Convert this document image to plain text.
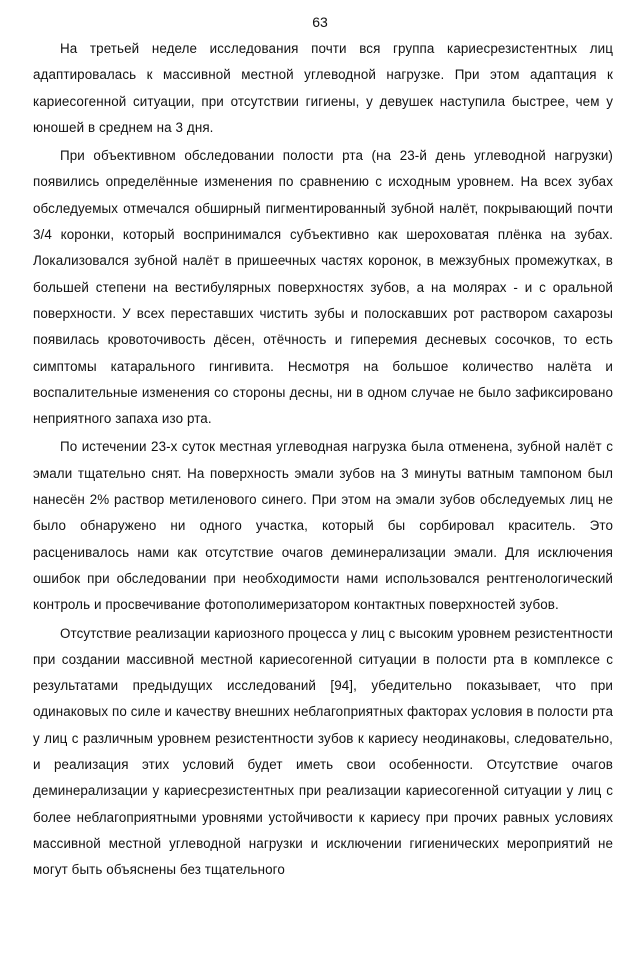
63

На третьей неделе исследования почти вся группа кариесрезистентных лиц адаптировалась к массивной местной углеводной нагрузке. При этом адаптация к кариесогенной ситуации, при отсутствии гигиены, у девушек наступила быстрее, чем у юношей в среднем на 3 дня.

При объективном обследовании полости рта (на 23-й день углеводной нагрузки) появились определённые изменения по сравнению с исходным уровнем. На всех зубах обследуемых отмечался обширный пигментированный зубной налёт, покрывающий почти 3/4 коронки, который воспринимался субъективно как шероховатая плёнка на зубах. Локализовался зубной налёт в пришеечных частях коронок, в межзубных промежутках, в большей степени на вестибулярных поверхностях зубов, а на молярах - и с оральной поверхности. У всех переставших чистить зубы и полоскавших рот раствором сахарозы появилась кровоточивость дёсен, отёчность и гиперемия десневых сосочков, то есть симптомы катарального гингивита. Несмотря на большое количество налёта и воспалительные изменения со стороны десны, ни в одном случае не было зафиксировано неприятного запаха изо рта.

По истечении 23-х суток местная углеводная нагрузка была отменена, зубной налёт с эмали тщательно снят. На поверхность эмали зубов на 3 минуты ватным тампоном был нанесён 2% раствор метиленового синего. При этом на эмали зубов обследуемых лиц не было обнаружено ни одного участка, который бы сорбировал краситель. Это расценивалось нами как отсутствие очагов деминерализации эмали. Для исключения ошибок при обследовании при необходимости нами использовался рентгенологический контроль и просвечивание фотополимеризатором контактных поверхностей зубов.

Отсутствие реализации кариозного процесса у лиц с высоким уровнем резистентности при создании массивной местной кариесогенной ситуации в полости рта в комплексе с результатами предыдущих исследований [94], убедительно показывает, что при одинаковых по силе и качеству внешних неблагоприятных факторах условия в полости рта у лиц с различным уровнем резистентности зубов к кариесу неодинаковы, следовательно, и реализация этих условий будет иметь свои особенности. Отсутствие очагов деминерализации у кариесрезистентных при реализации кариесогенной ситуации у лиц с более неблагоприятными уровнями устойчивости к кариесу при прочих равных условиях массивной местной углеводной нагрузки и исключении гигиенических мероприятий не могут быть объяснены без тщательного
